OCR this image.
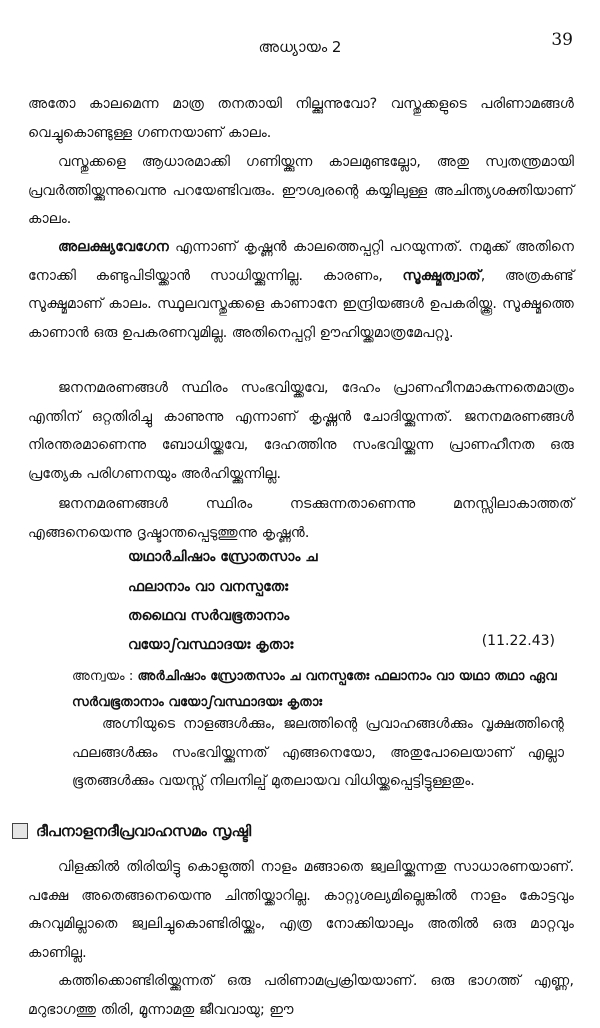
അധ്യായം 2	39

അതോ കാലമെന്ന മാത്ര തനതായി നില്ക്കുന്നുവോ? വസ്തുക്കളുടെ പരിണാമങ്ങൾ വെച്ചുകൊണ്ടുള്ള ഗണനയാണ് കാലം.

വസ്തുക്കളെ ആധാരമാക്കി ഗണിയ്ക്കുന്ന കാലമുണ്ടല്ലോ, അതു സ്വതന്ത്രമായി പ്രവർത്തിയ്ക്കുന്നുവെന്നു പറയേണ്ടിവരും. ഈശ്വരന്റെ കയ്യിലുള്ള അചിന്ത്യശക്തിയാണ് കാലം.

അലക്ഷ്യവേഗേന എന്നാണ് കൃഷ്ണൻ കാലത്തെപ്പറ്റി പറയുന്നത്. നമുക്ക് അതിനെ നോക്കി കണ്ടുപിടിയ്ക്കാൻ സാധിയ്ക്കുന്നില്ല. കാരണം, സൂക്ഷ്മത്വാത്, അത്രകണ്ട് സൂക്ഷ്മമാണ് കാലം. സ്ഥൂലവസ്തുക്കളെ കാണാനേ ഇന്ദ്രിയങ്ങൾ ഉപകരിയ്ക്കൂ. സൂക്ഷ്മത്തെ കാണാൻ ഒരു ഉപകരണവുമില്ല. അതിനെപ്പറ്റി ഊഹിയ്ക്കമാത്രമേപറ്റൂ.

ജനനമരണങ്ങൾ സ്ഥിരം സംഭവിയ്ക്കവേ, ദേഹം പ്രാണഹീനമാകുന്നതെമാത്രം എന്തിന് ഒറ്റതിരിച്ചു കാണുന്നു എന്നാണ് കൃഷ്ണൻ ചോദിയ്ക്കുന്നത്. ജനനമരണങ്ങൾ നിരന്തരമാണെന്നു ബോധിയ്ക്കവേ, ദേഹത്തിനു സംഭവിയ്ക്കുന്ന പ്രാണഹീനത ഒരു പ്രത്യേക പരിഗണനയും അർഹിയ്ക്കുന്നില്ല.

ജനനമരണങ്ങൾ സ്ഥിരം നടക്കുന്നതാണെന്നു മനസ്സിലാകാത്തത് എങ്ങനെയെന്നു ദൃഷ്ടാന്തപ്പെടുത്തുന്നു കൃഷ്ണൻ.

യഥാർചിഷാം സ്രോതസാം ച
ഫലാനാം വാ വനസ്പതേഃ
തഥൈവ സർവഭൂതാനാം
വയോഽവസ്ഥാദയഃ കൃതാഃ	(11.22.43)

അന്വയം : അർചിഷാം സ്രോതസാം ച വനസ്പതേഃ ഫലാനാം വാ യഥാ തഥാ ഏവ സർവഭൂതാനാം വയോഽവസ്ഥാദയഃ കൃതാഃ

അഗ്നിയുടെ നാളങ്ങൾക്കും, ജലത്തിന്റെ പ്രവാഹങ്ങൾക്കും വൃക്ഷത്തിന്റെ ഫലങ്ങൾക്കും സംഭവിയ്ക്കുന്നത് എങ്ങനെയോ, അതുപോലെയാണ് എല്ലാ ഭൂതങ്ങൾക്കും വയസ്സ് നിലനില്പ് മുതലായവ വിധിയ്ക്കപ്പെട്ടിട്ടുള്ളതും.

ദീപനാളനദീപ്രവാഹസമം സൃഷ്ടി

വിളക്കിൽ തിരിയിട്ടു കൊളുത്തി നാളം മങ്ങാതെ ജ്വലിയ്ക്കുന്നതു സാധാരണയാണ്. പക്ഷേ അതെങ്ങനെയെന്നു ചിന്തിയ്ക്കാറില്ല. കാറ്റുശല്യമില്ലെങ്കിൽ നാളം കോട്ടവും കുറവുമില്ലാതെ ജ്വലിച്ചുകൊണ്ടിരിയ്ക്കും, എത്ര നോക്കിയാലും അതിൽ ഒരു മാറ്റവും കാണില്ല.

കത്തിക്കൊണ്ടിരിയ്ക്കുന്നത് ഒരു പരിണാമപ്രക്രിയയാണ്. ഒരു ഭാഗത്ത് എണ്ണ, മറുഭാഗത്തു തിരി, മൂന്നാമതു ജീവവായു; ഈ
